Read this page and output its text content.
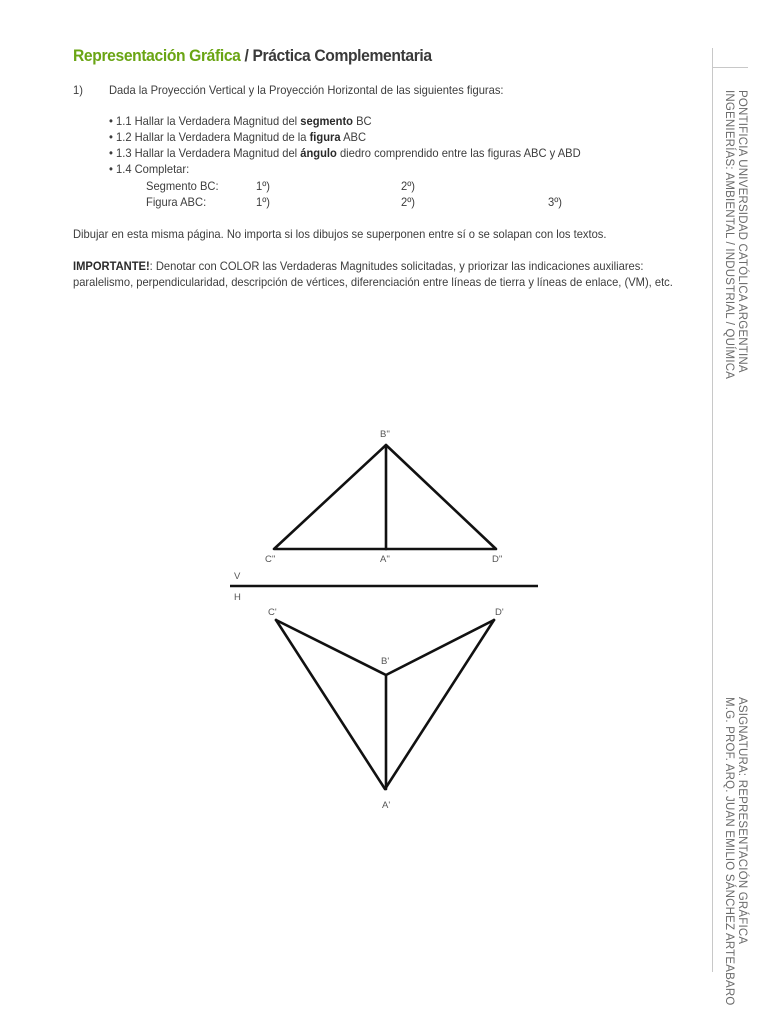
Representación Gráfica / Práctica Complementaria
1) Dada la Proyección Vertical y la Proyección Horizontal de las siguientes figuras:
• 1.1 Hallar la Verdadera Magnitud del segmento BC
• 1.2 Hallar la Verdadera Magnitud de la figura ABC
• 1.3 Hallar la Verdadera Magnitud del ángulo diedro comprendido entre las figuras ABC y ABD
• 1.4 Completar:
Segmento BC:	1º)	2º)
Figura ABC:	1º)	2º)	3º)
Dibujar en esta misma página. No importa si los dibujos se superponen entre sí o se solapan con los textos.
IMPORTANTE!: Denotar con COLOR las Verdaderas Magnitudes solicitadas, y priorizar las indicaciones auxiliares:
paralelismo, perpendicularidad, descripción de vértices, diferenciación entre líneas de tierra y líneas de enlace, (VM), etc.	PONTIFICIA UNIVERSIDAD CATÓLICA ARGENTINA
INGENIERÍAS: AMBIENTAL / INDUSTRIAL / QUÍMICA
ASIGNATURA: REPRESENTACIÓN GRÁFICA
M.G. PROF. ARQ. JUAN EMILIO SÁNCHEZ ARTEABARO
B''
C''	A''	D''
V
H
C'	D'
B'
A'
